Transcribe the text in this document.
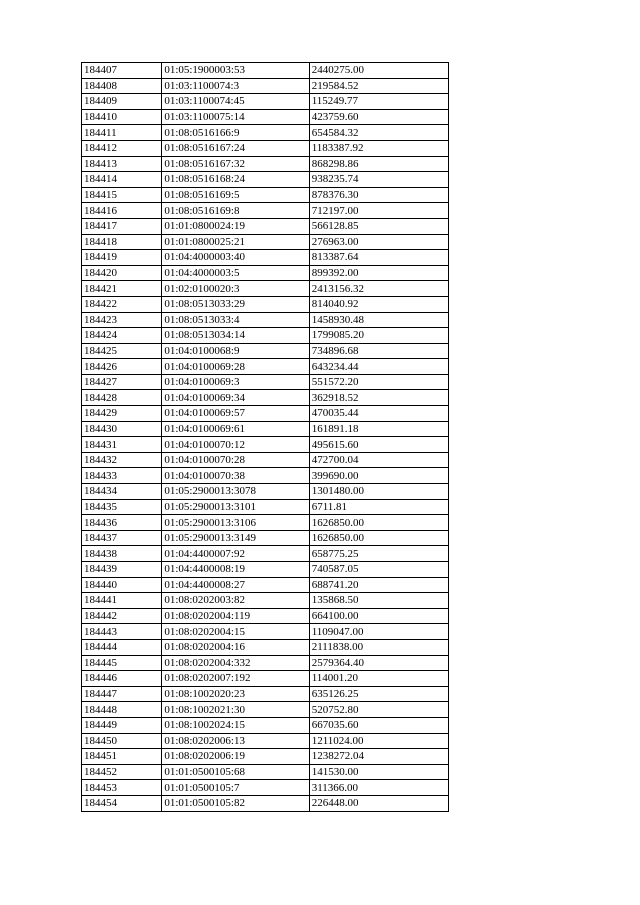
184407	01:05:1900003:53	2440275.00
184408	01:03:1100074:3	219584.52
184409	01:03:1100074:45	115249.77
184410	01:03:1100075:14	423759.60
184411	01:08:0516166:9	654584.32
184412	01:08:0516167:24	1183387.92
184413	01:08:0516167:32	868298.86
184414	01:08:0516168:24	938235.74
184415	01:08:0516169:5	878376.30
184416	01:08:0516169:8	712197.00
184417	01:01:0800024:19	566128.85
184418	01:01:0800025:21	276963.00
184419	01:04:4000003:40	813387.64
184420	01:04:4000003:5	899392.00
184421	01:02:0100020:3	2413156.32
184422	01:08:0513033:29	814040.92
184423	01:08:0513033:4	1458930.48
184424	01:08:0513034:14	1799085.20
184425	01:04:0100068:9	734896.68
184426	01:04:0100069:28	643234.44
184427	01:04:0100069:3	551572.20
184428	01:04:0100069:34	362918.52
184429	01:04:0100069:57	470035.44
184430	01:04:0100069:61	161891.18
184431	01:04:0100070:12	495615.60
184432	01:04:0100070:28	472700.04
184433	01:04:0100070:38	399690.00
184434	01:05:2900013:3078	1301480.00
184435	01:05:2900013:3101	6711.81
184436	01:05:2900013:3106	1626850.00
184437	01:05:2900013:3149	1626850.00
184438	01:04:4400007:92	658775.25
184439	01:04:4400008:19	740587.05
184440	01:04:4400008:27	688741.20
184441	01:08:0202003:82	135868.50
184442	01:08:0202004:119	664100.00
184443	01:08:0202004:15	1109047.00
184444	01:08:0202004:16	2111838.00
184445	01:08:0202004:332	2579364.40
184446	01:08:0202007:192	114001.20
184447	01:08:1002020:23	635126.25
184448	01:08:1002021:30	520752.80
184449	01:08:1002024:15	667035.60
184450	01:08:0202006:13	1211024.00
184451	01:08:0202006:19	1238272.04
184452	01:01:0500105:68	141530.00
184453	01:01:0500105:7	311366.00
184454	01:01:0500105:82	226448.00
